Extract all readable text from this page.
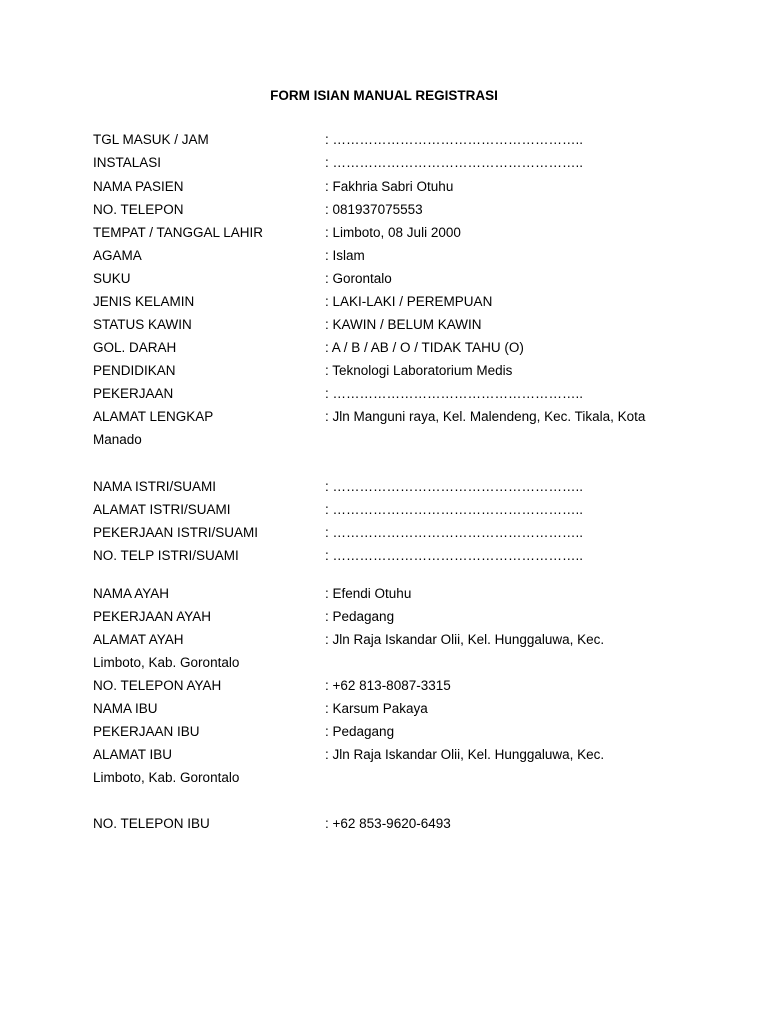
FORM ISIAN MANUAL REGISTRASI
TGL MASUK / JAM	: ………………………………………………..
INSTALASI	: ………………………………………………..
NAMA PASIEN	: Fakhria Sabri Otuhu
NO. TELEPON	: 081937075553
TEMPAT / TANGGAL LAHIR	: Limboto, 08 Juli 2000
AGAMA	: Islam
SUKU	: Gorontalo
JENIS KELAMIN	: LAKI-LAKI / PEREMPUAN
STATUS KAWIN	: KAWIN / BELUM KAWIN
GOL. DARAH	: A / B / AB / O / TIDAK TAHU (O)
PENDIDIKAN	: Teknologi Laboratorium Medis
PEKERJAAN	: ………………………………………………..
ALAMAT LENGKAP	: Jln Manguni raya, Kel. Malendeng, Kec. Tikala, Kota
Manado
NAMA ISTRI/SUAMI	: ………………………………………………..
ALAMAT ISTRI/SUAMI	: ………………………………………………..
PEKERJAAN ISTRI/SUAMI	: ………………………………………………..
NO. TELP ISTRI/SUAMI	: ………………………………………………..
NAMA AYAH	: Efendi Otuhu
PEKERJAAN AYAH	: Pedagang
ALAMAT AYAH	: Jln Raja Iskandar Olii, Kel. Hunggaluwa, Kec.
Limboto, Kab. Gorontalo
NO. TELEPON AYAH	: +62 813-8087-3315
NAMA IBU	: Karsum Pakaya
PEKERJAAN IBU	: Pedagang
ALAMAT IBU	: Jln Raja Iskandar Olii, Kel. Hunggaluwa, Kec.
Limboto, Kab. Gorontalo
NO. TELEPON IBU	: +62 853-9620-6493
